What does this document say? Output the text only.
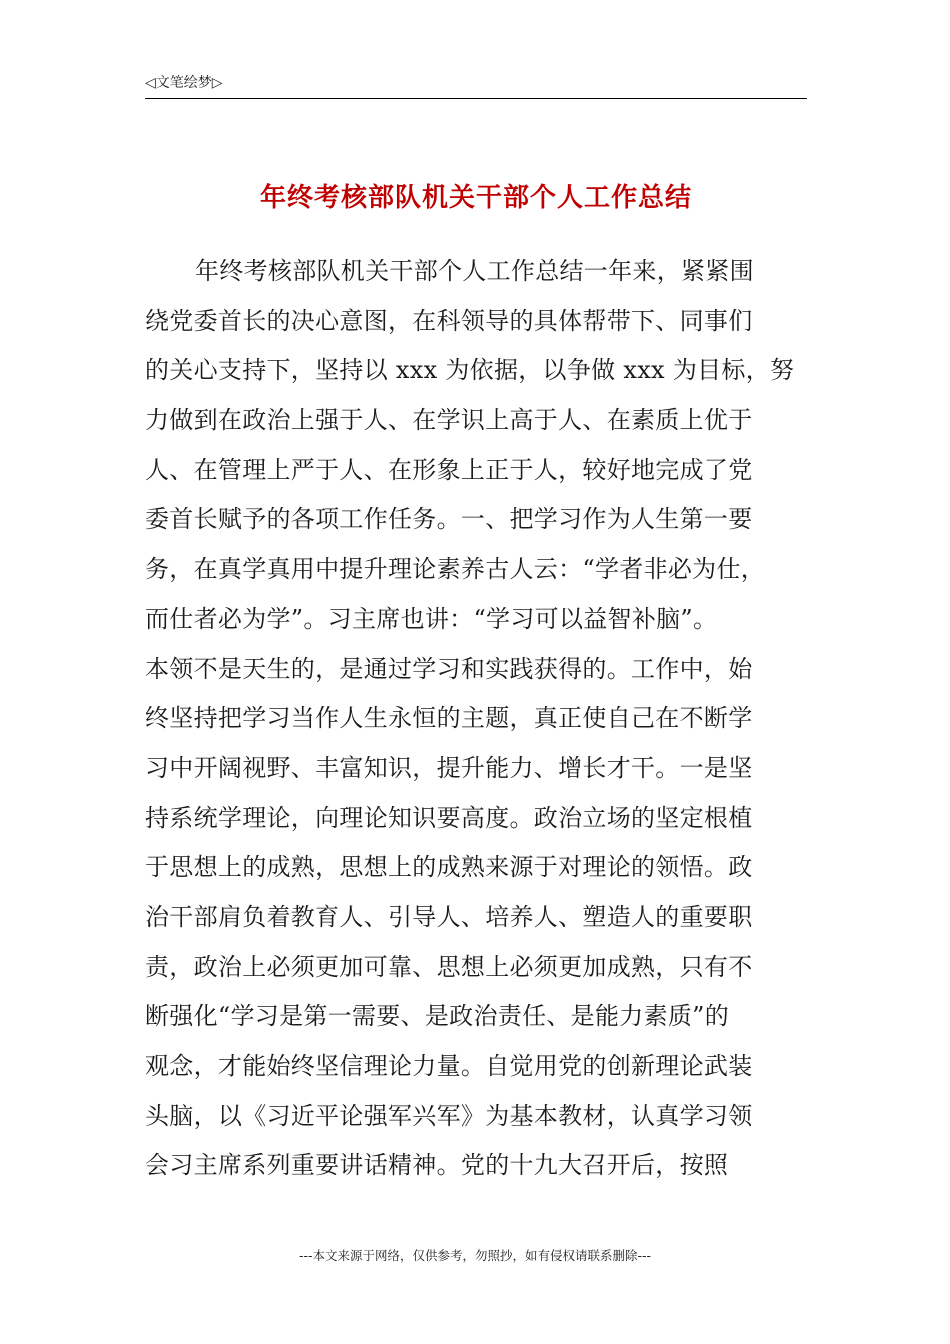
◁文笔绘梦▷
年终考核部队机关干部个人工作总结
年终考核部队机关干部个人工作总结一年来，紧紧围
绕党委首长的决心意图，在科领导的具体帮带下、同事们
的关心支持下，坚持以 xxx 为依据，以争做 xxx 为目标，努
力做到在政治上强于人、在学识上高于人、在素质上优于
人、在管理上严于人、在形象上正于人，较好地完成了党
委首长赋予的各项工作任务。一、把学习作为人生第一要
务，在真学真用中提升理论素养古人云：“学者非必为仕，
而仕者必为学”。习主席也讲：“学习可以益智补脑”。
本领不是天生的，是通过学习和实践获得的。工作中，始
终坚持把学习当作人生永恒的主题，真正使自己在不断学
习中开阔视野、丰富知识，提升能力、增长才干。一是坚
持系统学理论，向理论知识要高度。政治立场的坚定根植
于思想上的成熟，思想上的成熟来源于对理论的领悟。政
治干部肩负着教育人、引导人、培养人、塑造人的重要职
责，政治上必须更加可靠、思想上必须更加成熟，只有不
断强化“学习是第一需要、是政治责任、是能力素质”的
观念，才能始终坚信理论力量。自觉用党的创新理论武装
头脑，以《习近平论强军兴军》为基本教材，认真学习领
会习主席系列重要讲话精神。党的十九大召开后，按照
---本文来源于网络，仅供参考，勿照抄，如有侵权请联系删除---
